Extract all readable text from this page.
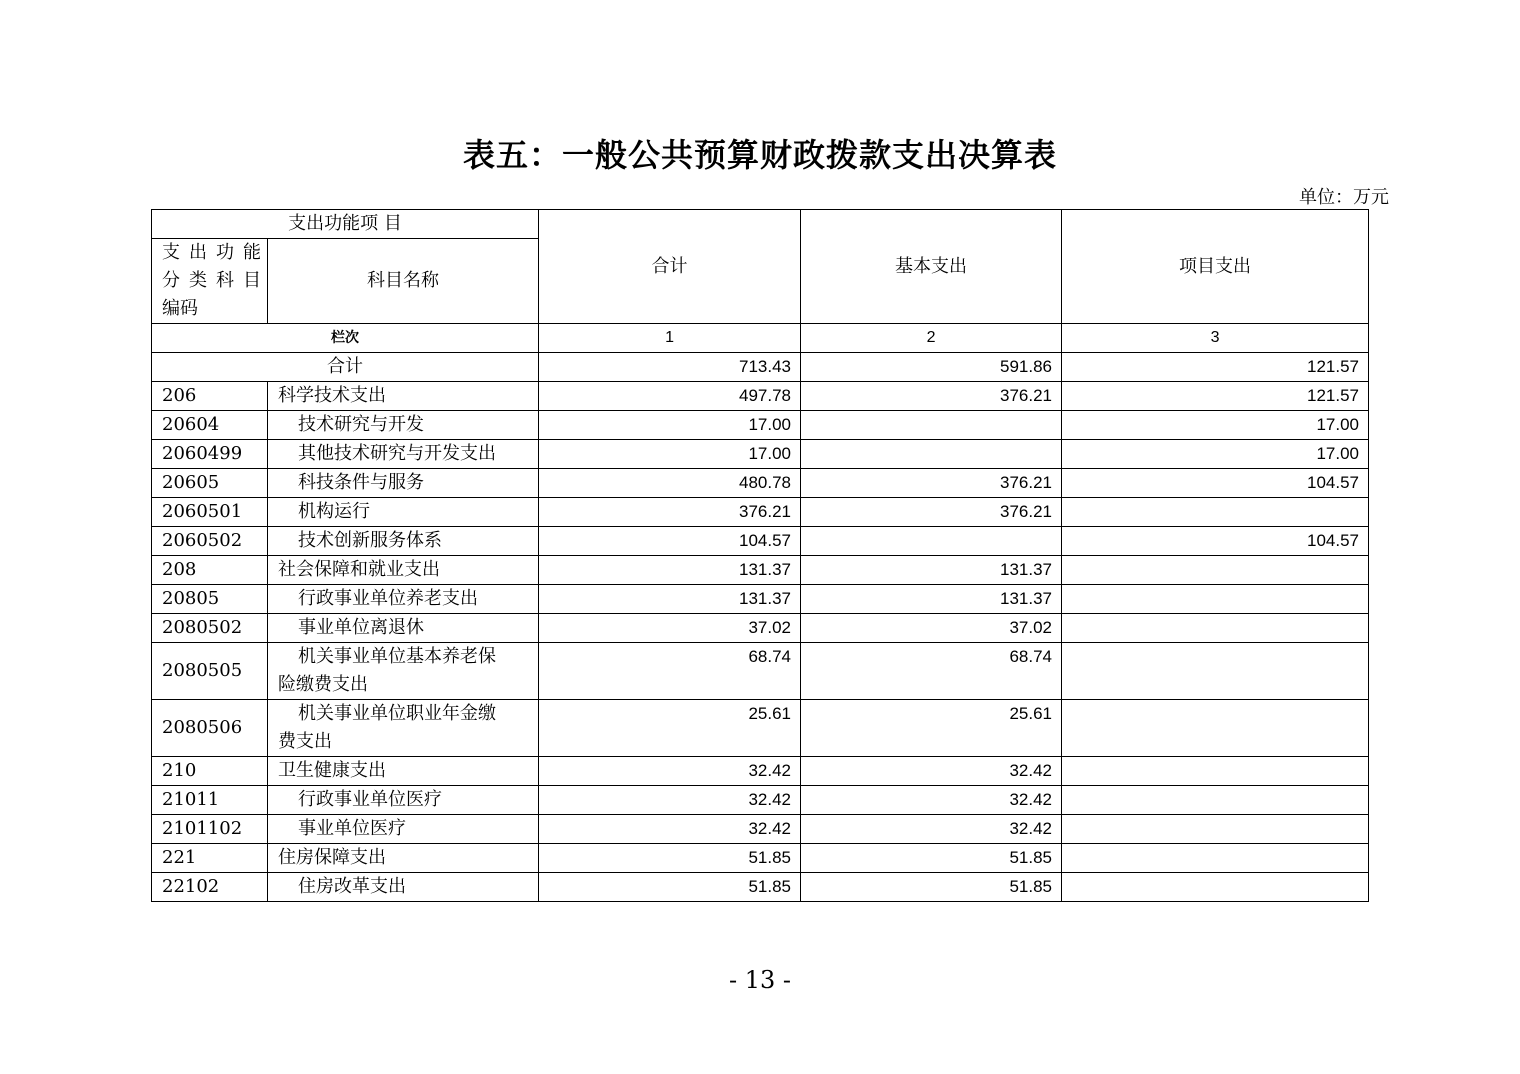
表五：一般公共预算财政拨款支出决算表
单位：万元
支出功能项 目		合计	基本支出	项目支出

支 出 功 能
分 类 科 目
编码	科目名称			
栏次		1	2	3
合计		713.43	591.86	121.57
206	科学技术支出	497.78	376.21	121.57
20604	技术研究与开发	17.00		17.00
2060499	其他技术研究与开发支出	17.00		17.00
20605	科技条件与服务	480.78	376.21	104.57
2060501	机构运行	376.21	376.21	
2060502	技术创新服务体系	104.57		104.57
208	社会保障和就业支出	131.37	131.37	
20805	行政事业单位养老支出	131.37	131.37	
2080502	事业单位离退休	37.02	37.02	
2080505	机关事业单位基本养老保
险缴费支出	68.74	68.74	
2080506	机关事业单位职业年金缴
费支出	25.61	25.61	
210	卫生健康支出	32.42	32.42	
21011	行政事业单位医疗	32.42	32.42	
2101102	事业单位医疗	32.42	32.42	
221	住房保障支出	51.85	51.85	
22102	住房改革支出	51.85	51.85	
- 13 -
